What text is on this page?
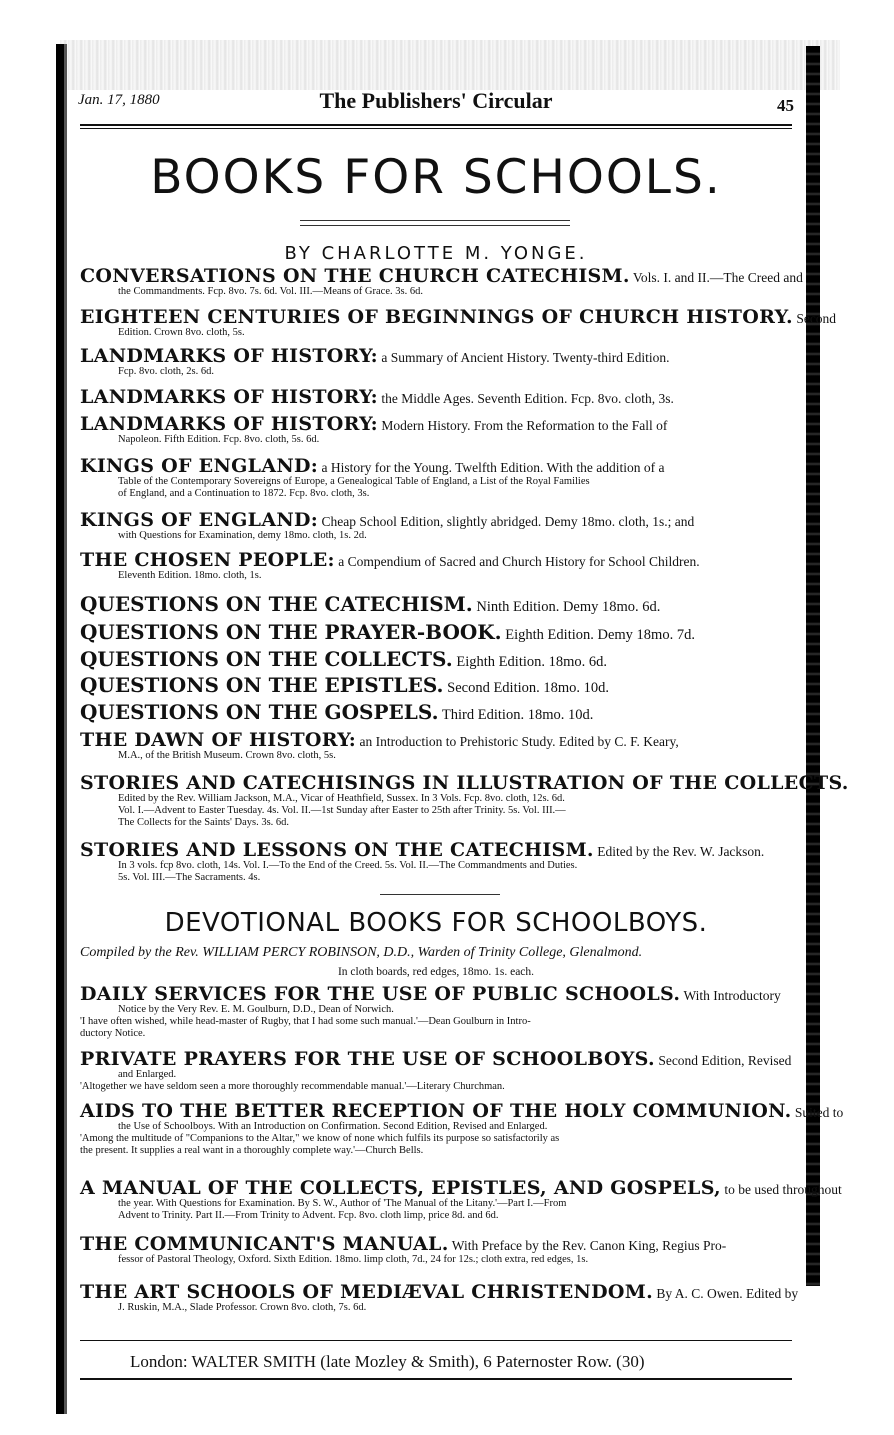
Jan. 17, 1880	The Publishers' Circular	45
BOOKS FOR SCHOOLS.
BY CHARLOTTE M. YONGE.
CONVERSATIONS ON THE CHURCH CATECHISM. Vols. I. and II.—The Creed and
the Commandments. Fcp. 8vo. 7s. 6d. Vol. III.—Means of Grace. 3s. 6d.
EIGHTEEN CENTURIES OF BEGINNINGS OF CHURCH HISTORY. Second
Edition. Crown 8vo. cloth, 5s.
LANDMARKS OF HISTORY: a Summary of Ancient History. Twenty-third Edition.
Fcp. 8vo. cloth, 2s. 6d.
LANDMARKS OF HISTORY: the Middle Ages. Seventh Edition. Fcp. 8vo. cloth, 3s.
LANDMARKS OF HISTORY: Modern History. From the Reformation to the Fall of
Napoleon. Fifth Edition. Fcp. 8vo. cloth, 5s. 6d.
KINGS OF ENGLAND: a History for the Young. Twelfth Edition. With the addition of a
Table of the Contemporary Sovereigns of Europe, a Genealogical Table of England, a List of the Royal Families
of England, and a Continuation to 1872. Fcp. 8vo. cloth, 3s.
KINGS OF ENGLAND: Cheap School Edition, slightly abridged. Demy 18mo. cloth, 1s.; and
with Questions for Examination, demy 18mo. cloth, 1s. 2d.
THE CHOSEN PEOPLE: a Compendium of Sacred and Church History for School Children.
Eleventh Edition. 18mo. cloth, 1s.
QUESTIONS ON THE CATECHISM. Ninth Edition. Demy 18mo. 6d.
QUESTIONS ON THE PRAYER-BOOK. Eighth Edition. Demy 18mo. 7d.
QUESTIONS ON THE COLLECTS. Eighth Edition. 18mo. 6d.
QUESTIONS ON THE EPISTLES. Second Edition. 18mo. 10d.
QUESTIONS ON THE GOSPELS. Third Edition. 18mo. 10d.
THE DAWN OF HISTORY: an Introduction to Prehistoric Study. Edited by C. F. Keary,
M.A., of the British Museum. Crown 8vo. cloth, 5s.
STORIES AND CATECHISINGS IN ILLUSTRATION OF THE COLLECTS.
Edited by the Rev. William Jackson, M.A., Vicar of Heathfield, Sussex. In 3 Vols. Fcp. 8vo. cloth, 12s. 6d.
Vol. I.—Advent to Easter Tuesday. 4s. Vol. II.—1st Sunday after Easter to 25th after Trinity. 5s. Vol. III.—
The Collects for the Saints' Days. 3s. 6d.
STORIES AND LESSONS ON THE CATECHISM. Edited by the Rev. W. Jackson.
In 3 vols. fcp 8vo. cloth, 14s. Vol. I.—To the End of the Creed. 5s. Vol. II.—The Commandments and Duties.
5s. Vol. III.—The Sacraments. 4s.
DEVOTIONAL BOOKS FOR SCHOOLBOYS.
Compiled by the Rev. WILLIAM PERCY ROBINSON, D.D., Warden of Trinity College, Glenalmond.
In cloth boards, red edges, 18mo. 1s. each.
DAILY SERVICES FOR THE USE OF PUBLIC SCHOOLS. With Introductory
Notice by the Very Rev. E. M. Goulburn, D.D., Dean of Norwich.
'I have often wished, while head-master of Rugby, that I had some such manual.'—Dean Goulburn in Intro-
ductory Notice.
PRIVATE PRAYERS FOR THE USE OF SCHOOLBOYS. Second Edition, Revised
and Enlarged.
'Altogether we have seldom seen a more thoroughly recommendable manual.'—Literary Churchman.
AIDS TO THE BETTER RECEPTION OF THE HOLY COMMUNION. Suited to
the Use of Schoolboys. With an Introduction on Confirmation. Second Edition, Revised and Enlarged.
'Among the multitude of "Companions to the Altar," we know of none which fulfils its purpose so satisfactorily as
the present. It supplies a real want in a thoroughly complete way.'—Church Bells.
A MANUAL OF THE COLLECTS, EPISTLES, AND GOSPELS, to be used throughout
the year. With Questions for Examination. By S. W., Author of 'The Manual of the Litany.'—Part I.—From
Advent to Trinity. Part II.—From Trinity to Advent. Fcp. 8vo. cloth limp, price 8d. and 6d.
THE COMMUNICANT'S MANUAL. With Preface by the Rev. Canon King, Regius Pro-
fessor of Pastoral Theology, Oxford. Sixth Edition. 18mo. limp cloth, 7d., 24 for 12s.; cloth extra, red edges, 1s.
THE ART SCHOOLS OF MEDIÆVAL CHRISTENDOM. By A. C. Owen. Edited by
J. Ruskin, M.A., Slade Professor. Crown 8vo. cloth, 7s. 6d.
London: WALTER SMITH (late Mozley & Smith), 6 Paternoster Row. (30)
